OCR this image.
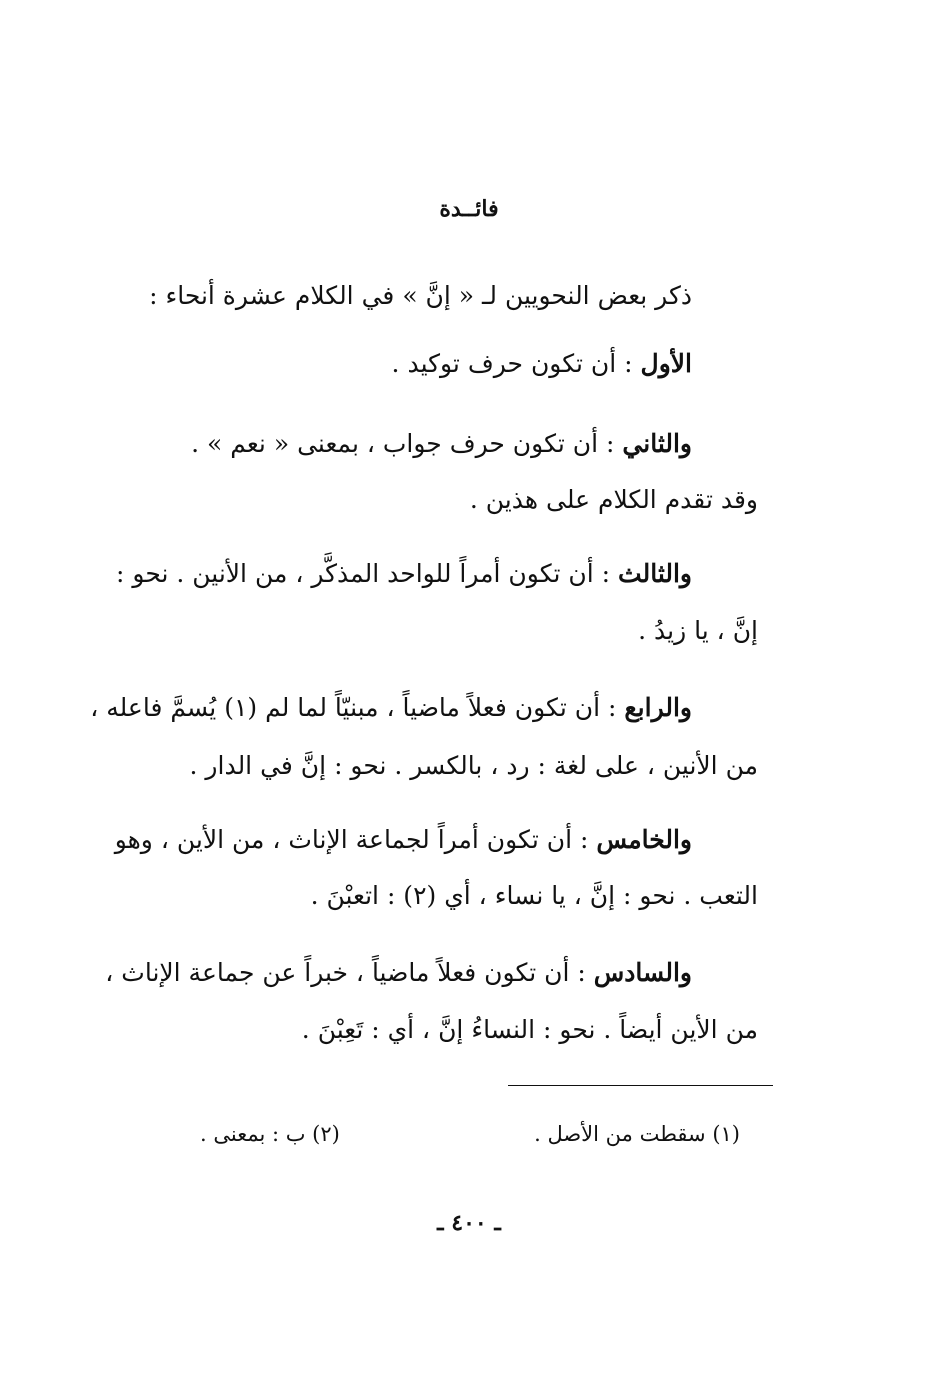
فائــدة
ذكر بعض النحويين لـ « إنَّ » في الكلام عشرة أنحاء :
الأول : أن تكون حرف توكيد .
والثاني : أن تكون حرف جواب ، بمعنى « نعم » .
وقد تقدم الكلام على هذين .
والثالث : أن تكون أمراً للواحد المذكَّر ، من الأنين . نحو :
إنَّ ، يا زيدُ .
والرابع : أن تكون فعلاً ماضياً ، مبنيّاً لما لم (١) يُسمَّ فاعله ،
من الأنين ، على لغة : رد ، بالكسر . نحو : إنَّ في الدار .
والخامس : أن تكون أمراً لجماعة الإناث ، من الأين ، وهو
التعب . نحو : إنَّ ، يا نساء ، أي (٢) : اتعبْنَ .
والسادس : أن تكون فعلاً ماضياً ، خبراً عن جماعة الإناث ،
من الأين أيضاً . نحو : النساءُ إنَّ ، أي : تَعِبْنَ .
(١) سقطت من الأصل .
(٢) ب : بمعنى .
ـ ٤٠٠ ـ
